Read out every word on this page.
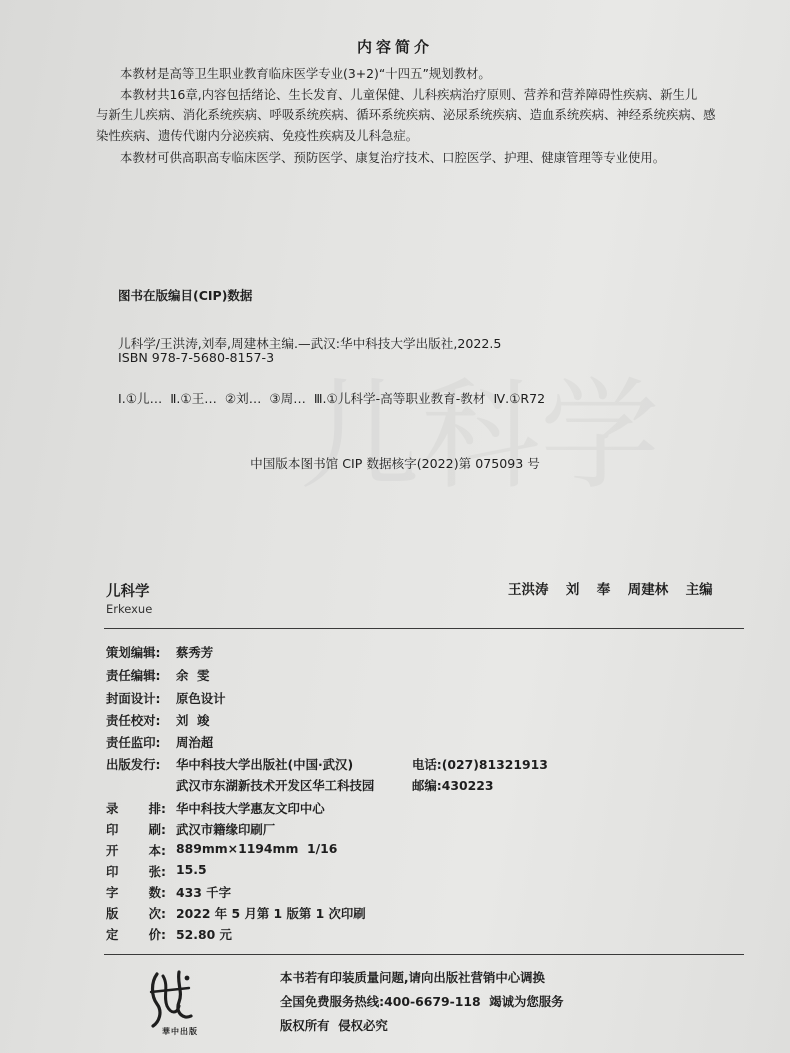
内容简介
本教材是高等卫生职业教育临床医学专业(3+2)“十四五”规划教材。
本教材共16章,内容包括绪论、生长发育、儿童保健、儿科疾病治疗原则、营养和营养障碍性疾病、新生儿
与新生儿疾病、消化系统疾病、呼吸系统疾病、循环系统疾病、泌尿系统疾病、造血系统疾病、神经系统疾病、感
染性疾病、遗传代谢内分泌疾病、免疫性疾病及儿科急症。
本教材可供高职高专临床医学、预防医学、康复治疗技术、口腔医学、护理、健康管理等专业使用。
图书在版编目(CIP)数据
儿科学/王洪涛,刘奉,周建林主编.—武汉:华中科技大学出版社,2022.5
ISBN 978-7-5680-8157-3
Ⅰ.①儿…  Ⅱ.①王…  ②刘…  ③周…  Ⅲ.①儿科学-高等职业教育-教材  Ⅳ.①R72
中国版本图书馆 CIP 数据核字(2022)第 075093 号
儿科学
Erkexue
王洪涛  刘  奉  周建林  主编
策划编辑:	蔡秀芳
责任编辑:	余  雯
封面设计:	原色设计
责任校对:	刘  竣
责任监印:	周治超
出版发行:	华中科技大学出版社(中国·武汉)	电话:(027)81321913
武汉市东湖新技术开发区华工科技园	邮编:430223
录 排: 华中科技大学惠友文印中心
印 刷: 武汉市籍缘印刷厂
开 本: 889mm×1194mm  1/16
印 张: 15.5
字 数: 433 千字
版 次: 2022 年 5 月第 1 版第 1 次印刷
定 价: 52.80 元
華中出版
本书若有印装质量问题,请向出版社营销中心调换
全国免费服务热线:400-6679-118  竭诚为您服务
版权所有  侵权必究
